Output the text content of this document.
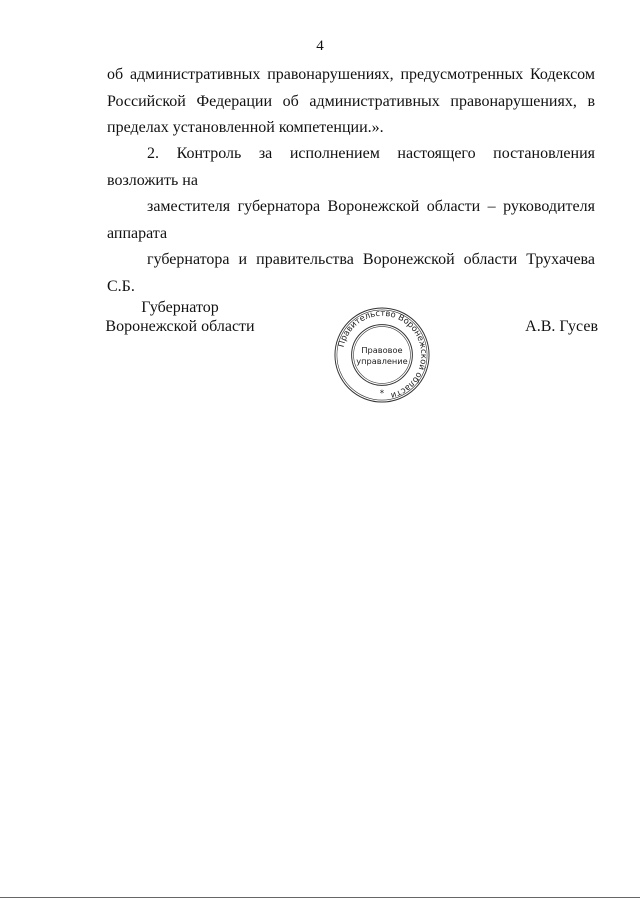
4

об административных правонарушениях, предусмотренных Кодексом Российской Федерации об административных правонарушениях, в пределах установленной компетенции.».

2. Контроль за исполнением настоящего постановления возложить на
заместителя губернатора Воронежской области – руководителя аппарата
губернатора и правительства Воронежской области Трухачева С.Б.

Губернатор
Воронежской области
Правительство Воронежской области
Правовое
управление
*
А.В. Гусев
